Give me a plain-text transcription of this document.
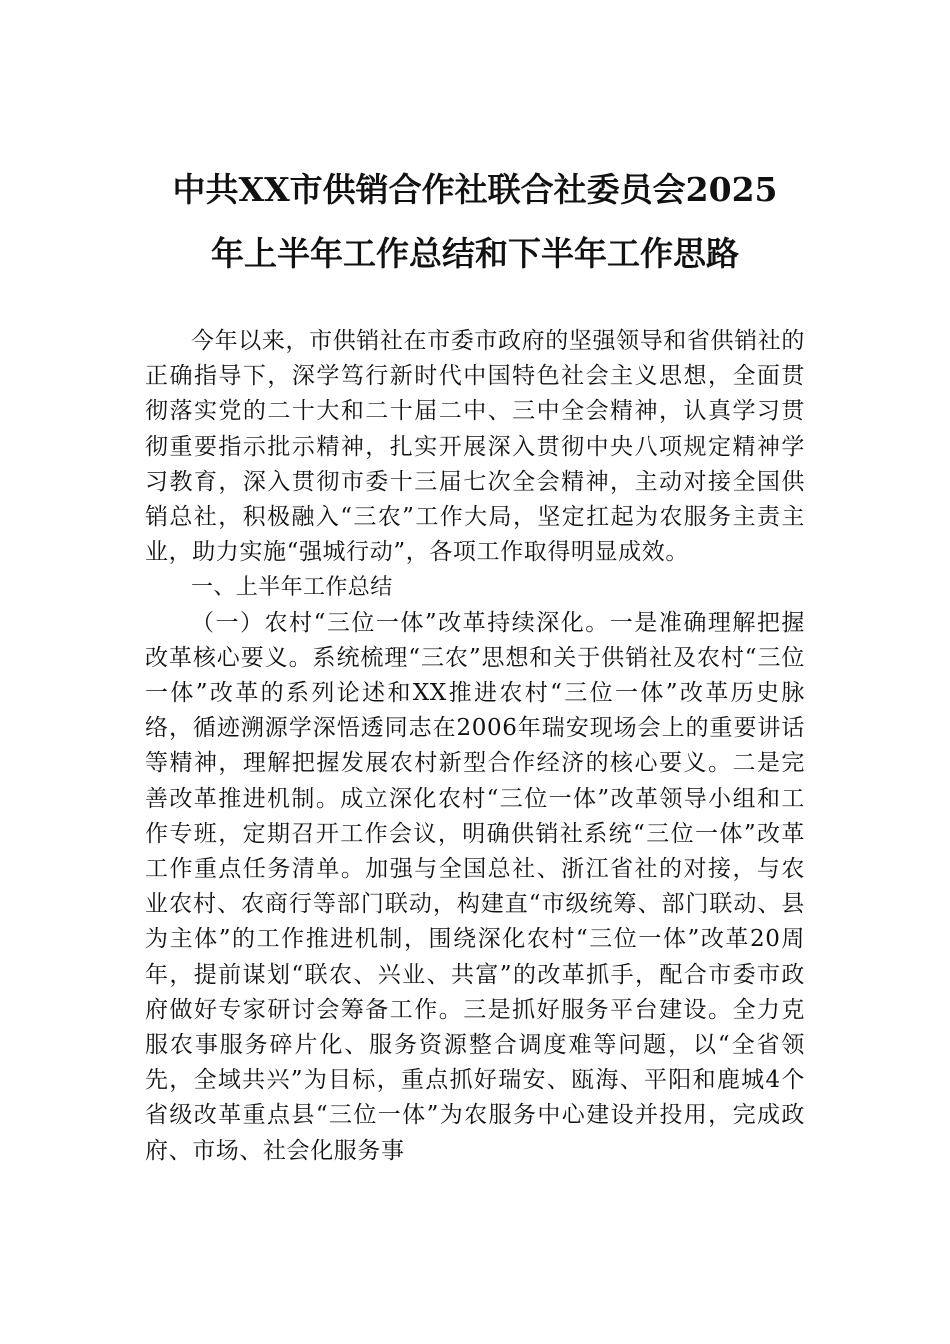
中共XX市供销合作社联合社委员会2025
年上半年工作总结和下半年工作思路

今年以来，市供销社在市委市政府的坚强领导和省供销社的正确指导下，深学笃行新时代中国特色社会主义思想，全面贯彻落实党的二十大和二十届二中、三中全会精神，认真学习贯彻重要指示批示精神，扎实开展深入贯彻中央八项规定精神学习教育，深入贯彻市委十三届七次全会精神，主动对接全国供销总社，积极融入“三农”工作大局，坚定扛起为农服务主责主业，助力实施“强城行动”，各项工作取得明显成效。

一、上半年工作总结

（一）农村“三位一体”改革持续深化。一是准确理解把握改革核心要义。系统梳理“三农”思想和关于供销社及农村“三位一体”改革的系列论述和XX推进农村“三位一体”改革历史脉络，循迹溯源学深悟透同志在2006年瑞安现场会上的重要讲话等精神，理解把握发展农村新型合作经济的核心要义。二是完善改革推进机制。成立深化农村“三位一体”改革领导小组和工作专班，定期召开工作会议，明确供销社系统“三位一体”改革工作重点任务清单。加强与全国总社、浙江省社的对接，与农业农村、农商行等部门联动，构建直“市级统筹、部门联动、县为主体”的工作推进机制，围绕深化农村“三位一体”改革20周年，提前谋划“联农、兴业、共富”的改革抓手，配合市委市政府做好专家研讨会筹备工作。三是抓好服务平台建设。全力克服农事服务碎片化、服务资源整合调度难等问题，以“全省领先，全域共兴”为目标，重点抓好瑞安、瓯海、平阳和鹿城4个省级改革重点县“三位一体”为农服务中心建设并投用，完成政府、市场、社会化服务事
